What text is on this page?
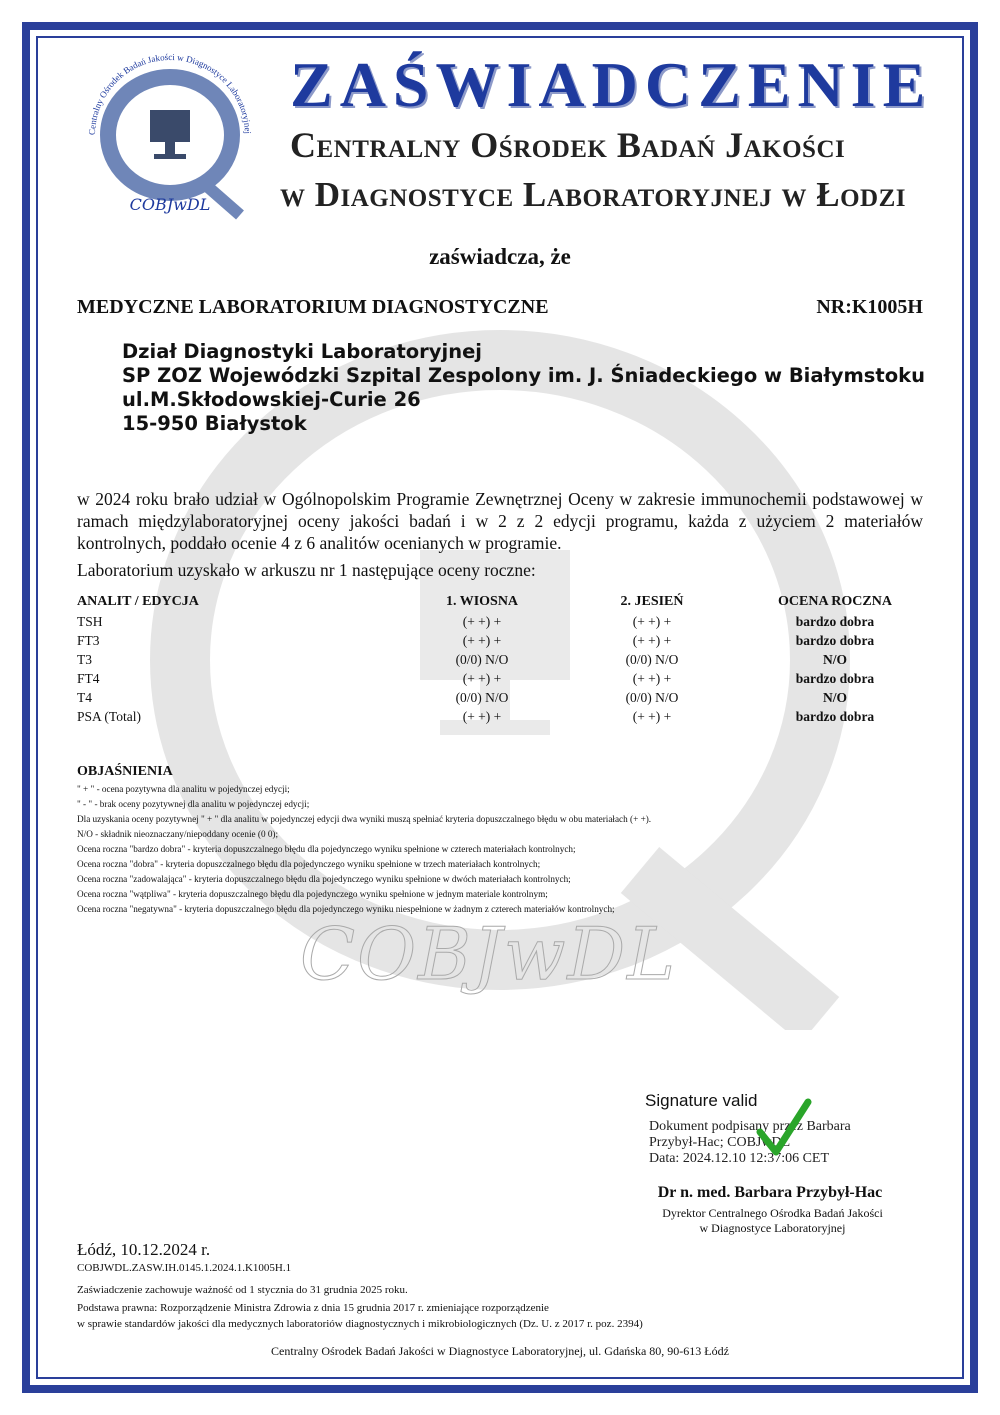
COBJwDL
Centralny Ośrodek Badań Jakości w Diagnostyce Laboratoryjnej
COBJwDL
ZAŚWIADCZENIE
Centralny Ośrodek Badań Jakości
w Diagnostyce Laboratoryjnej w Łodzi
zaświadcza, że
MEDYCZNE LABORATORIUM DIAGNOSTYCZNE	NR:K1005H
Dział Diagnostyki Laboratoryjnej
SP ZOZ Wojewódzki Szpital Zespolony im. J. Śniadeckiego w Białymstoku
ul.M.Skłodowskiej-Curie 26
15-950 Białystok
w 2024 roku brało udział w Ogólnopolskim Programie Zewnętrznej Oceny w zakresie immunochemii podstawowej w ramach międzylaboratoryjnej oceny jakości badań i w 2 z 2 edycji programu, każda z użyciem 2 materiałów kontrolnych, poddało ocenie 4 z 6 analitów ocenianych w programie.
Laboratorium uzyskało w arkuszu nr 1 następujące oceny roczne:
ANALIT / EDYCJA	1. WIOSNA	2. JESIEŃ	OCENA ROCZNA
TSH	(+ +) +	(+ +) +	bardzo dobra
FT3	(+ +) +	(+ +) +	bardzo dobra
T3	(0/0) N/O	(0/0) N/O	N/O
FT4	(+ +) +	(+ +) +	bardzo dobra
T4	(0/0) N/O	(0/0) N/O	N/O
PSA (Total)	(+ +) +	(+ +) +	bardzo dobra
OBJAŚNIENIA
" + " - ocena pozytywna dla analitu w pojedynczej edycji;
" - " - brak oceny pozytywnej dla analitu w pojedynczej edycji;
Dla uzyskania oceny pozytywnej " + " dla analitu w pojedynczej edycji dwa wyniki muszą spełniać kryteria dopuszczalnego błędu w obu materiałach (+ +).
N/O - składnik nieoznaczany/niepoddany ocenie (0 0);
Ocena roczna "bardzo dobra" - kryteria dopuszczalnego błędu dla pojedynczego wyniku spełnione w czterech materiałach kontrolnych;
Ocena roczna "dobra" - kryteria dopuszczalnego błędu dla pojedynczego wyniku spełnione w trzech materiałach kontrolnych;
Ocena roczna "zadowalająca" - kryteria dopuszczalnego błędu dla pojedynczego wyniku spełnione w dwóch materiałach kontrolnych;
Ocena roczna "wątpliwa" - kryteria dopuszczalnego błędu dla pojedynczego wyniku spełnione w jednym materiale kontrolnym;
Ocena roczna "negatywna" - kryteria dopuszczalnego błędu dla pojedynczego wyniku niespełnione w żadnym z czterech materiałów kontrolnych;
Signature valid
Dokument podpisany przez Barbara
Przybył-Hac; COBJwDL
Data: 2024.12.10 12:37:06 CET
Dr n. med. Barbara Przybył-Hac
Dyrektor Centralnego Ośrodka Badań Jakości
w Diagnostyce Laboratoryjnej
Łódź, 10.12.2024 r.
COBJWDL.ZASW.IH.0145.1.2024.1.K1005H.1
Zaświadczenie zachowuje ważność od 1 stycznia do 31 grudnia 2025 roku.
Podstawa prawna: Rozporządzenie Ministra Zdrowia z dnia 15 grudnia 2017 r. zmieniające rozporządzenie
w sprawie standardów jakości dla medycznych laboratoriów diagnostycznych i mikrobiologicznych (Dz. U. z 2017 r. poz. 2394)
Centralny Ośrodek Badań Jakości w Diagnostyce Laboratoryjnej, ul. Gdańska 80, 90-613 Łódź
